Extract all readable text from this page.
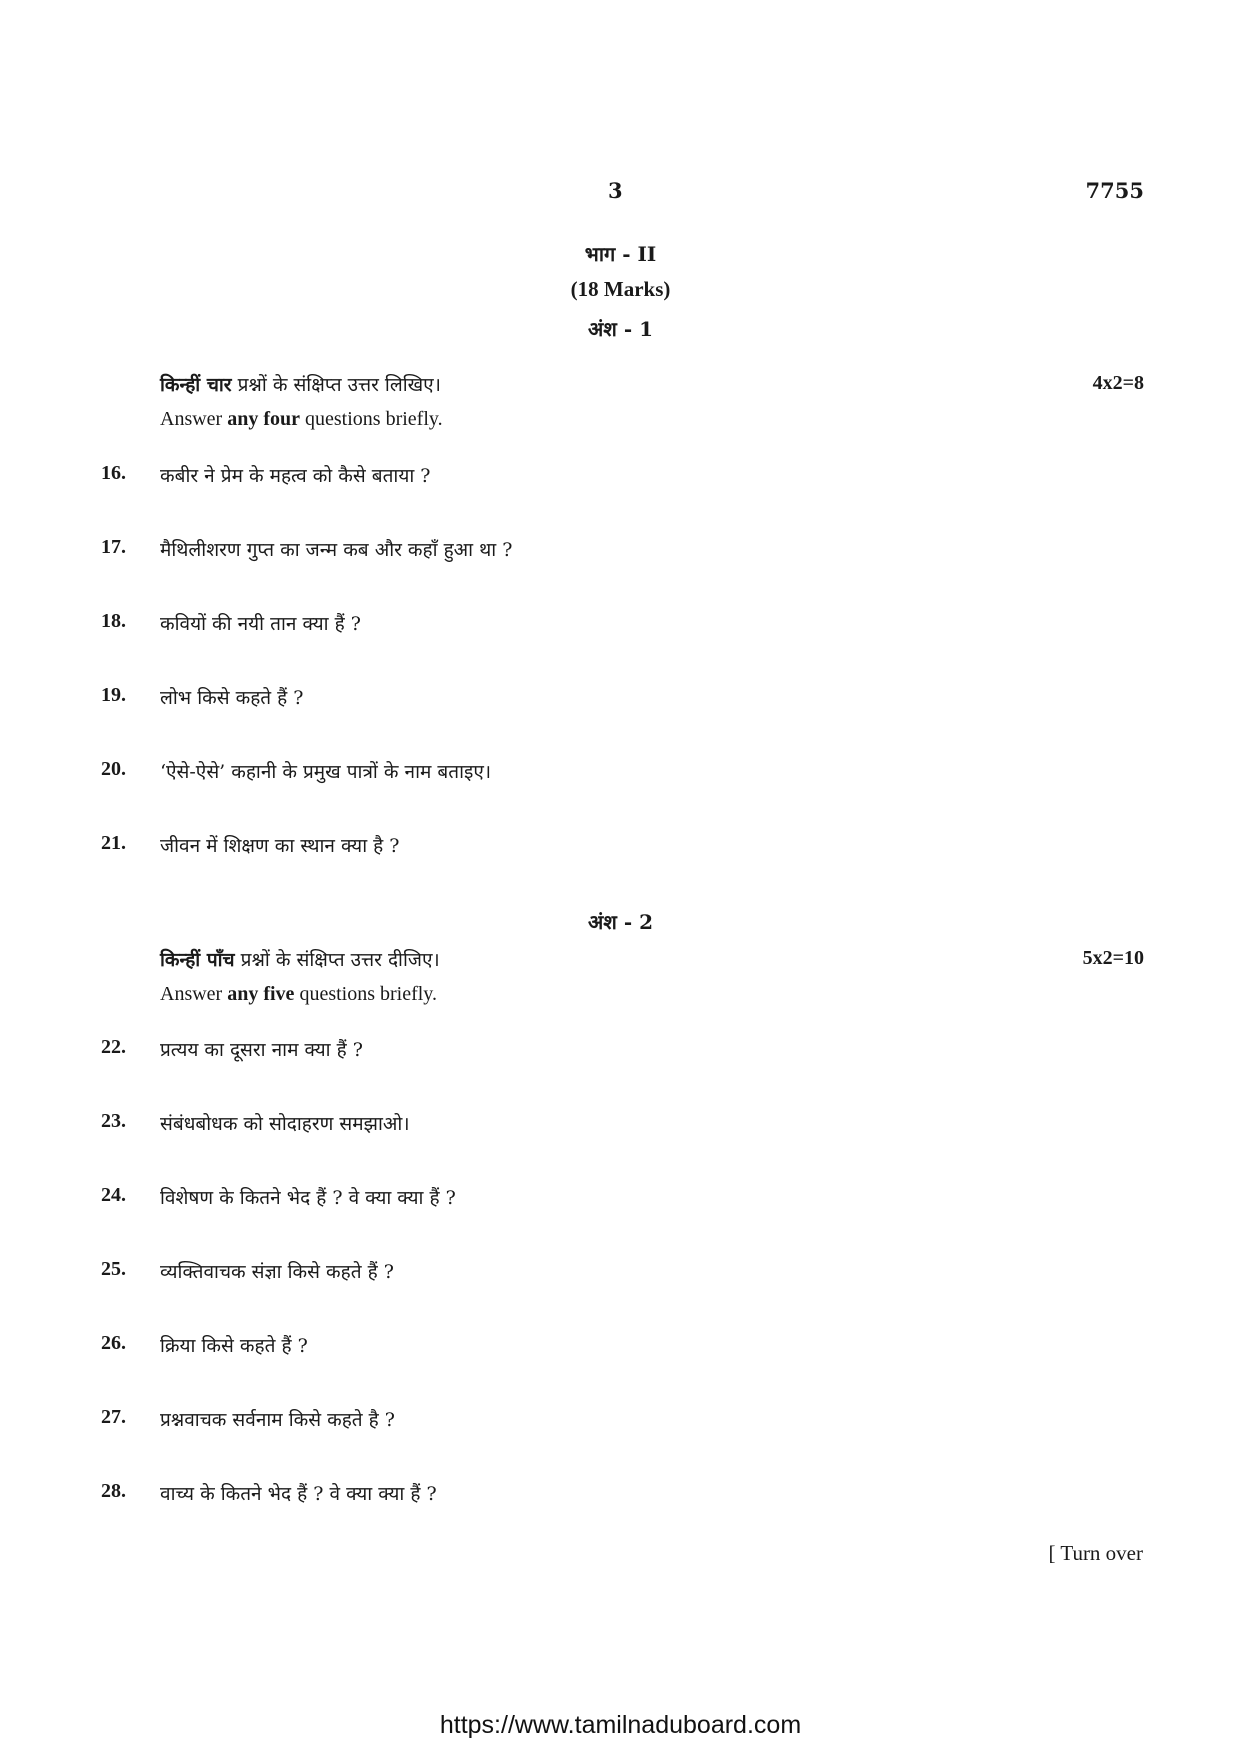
3	7755
भाग - II
(18 Marks)
अंश - 1
किन्हीं चार प्रश्नों के संक्षिप्त उत्तर लिखिए।	4x2=8
Answer any four questions briefly.
16. कबीर ने प्रेम के महत्व को कैसे बताया ?
17. मैथिलीशरण गुप्त का जन्म कब और कहाँ हुआ था ?
18. कवियों की नयी तान क्या हैं ?
19. लोभ किसे कहते हैं ?
20. ‘ऐसे-ऐसे’ कहानी के प्रमुख पात्रों के नाम बताइए।
21. जीवन में शिक्षण का स्थान क्या है ?
अंश - 2
किन्हीं पाँच प्रश्नों के संक्षिप्त उत्तर दीजिए।	5x2=10
Answer any five questions briefly.
22. प्रत्यय का दूसरा नाम क्या हैं ?
23. संबंधबोधक को सोदाहरण समझाओ।
24. विशेषण के कितने भेद हैं ? वे क्या क्या हैं ?
25. व्यक्तिवाचक संज्ञा किसे कहते हैं ?
26. क्रिया किसे कहते हैं ?
27. प्रश्नवाचक सर्वनाम किसे कहते है ?
28. वाच्य के कितने भेद हैं ? वे क्या क्या हैं ?
[ Turn over
https://www.tamilnaduboard.com
